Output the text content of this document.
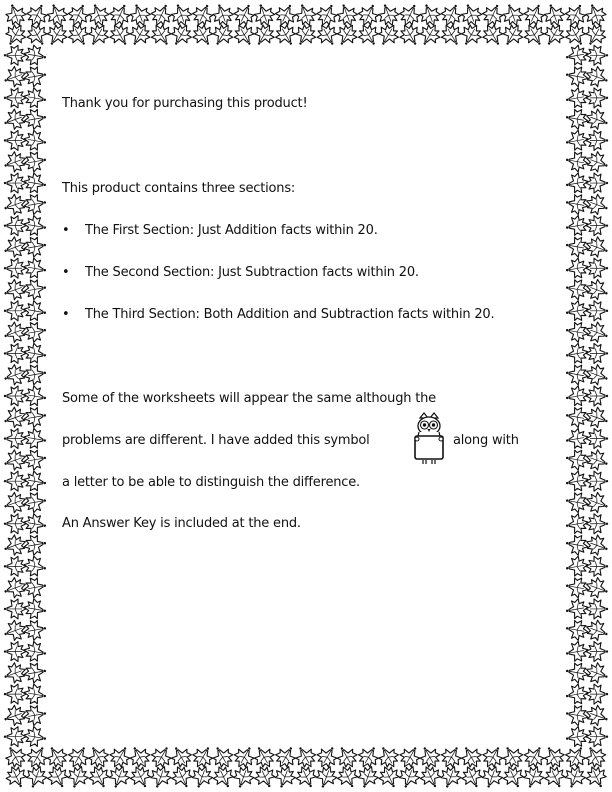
Thank you for purchasing this product!
This product contains three sections:
• The First Section: Just Addition facts within 20.
• The Second Section: Just Subtraction facts within 20.
• The Third Section: Both Addition and Subtraction facts within 20.
Some of the worksheets will appear the same although the
problems are different. I have added this symbol	along with
a letter to be able to distinguish the difference.
An Answer Key is included at the end.
